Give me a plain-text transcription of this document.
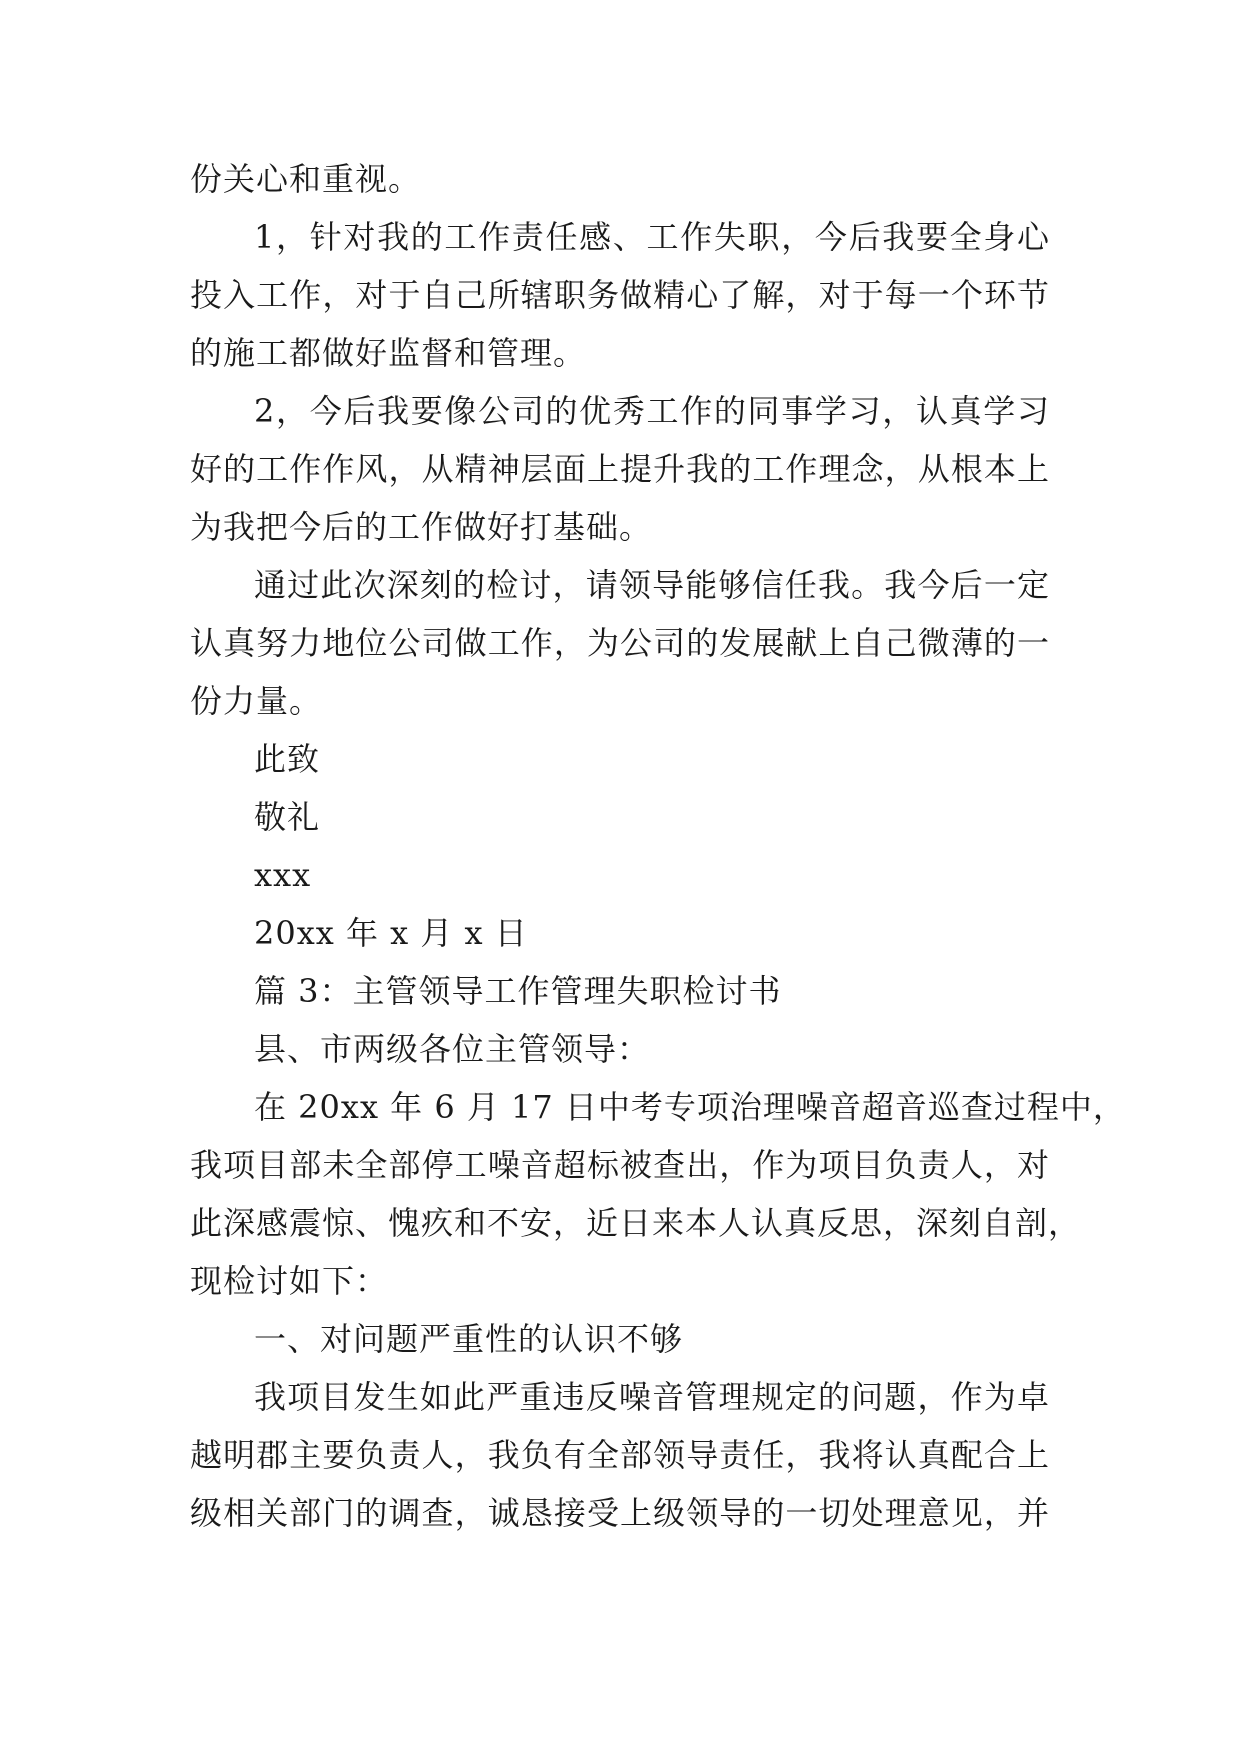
份关心和重视。
1，针对我的工作责任感、工作失职，今后我要全身心
投入工作，对于自己所辖职务做精心了解，对于每一个环节
的施工都做好监督和管理。
2，今后我要像公司的优秀工作的同事学习，认真学习
好的工作作风，从精神层面上提升我的工作理念，从根本上
为我把今后的工作做好打基础。
通过此次深刻的检讨，请领导能够信任我。我今后一定
认真努力地位公司做工作，为公司的发展献上自己微薄的一
份力量。
此致
敬礼
xxx
20xx 年 x 月 x 日
篇 3：主管领导工作管理失职检讨书
县、市两级各位主管领导：
在 20xx 年 6 月 17 日中考专项治理噪音超音巡查过程中，
我项目部未全部停工噪音超标被查出，作为项目负责人，对
此深感震惊、愧疚和不安，近日来本人认真反思，深刻自剖，
现检讨如下：
一、对问题严重性的认识不够
我项目发生如此严重违反噪音管理规定的问题，作为卓
越明郡主要负责人，我负有全部领导责任，我将认真配合上
级相关部门的调查，诚恳接受上级领导的一切处理意见，并
